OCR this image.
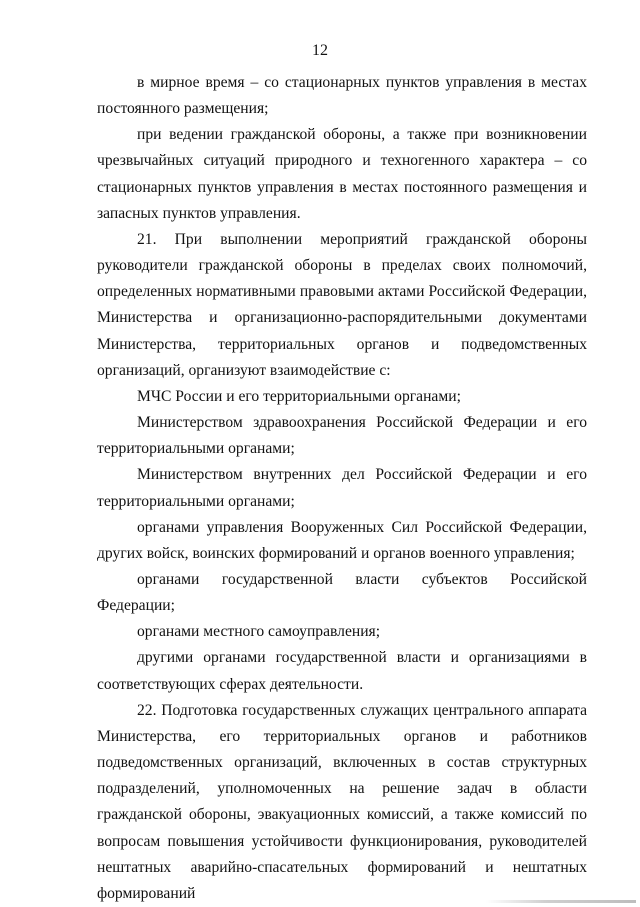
12

в мирное время – со стационарных пунктов управления в местах постоянного размещения;

при ведении гражданской обороны, а также при возникновении чрезвычайных ситуаций природного и техногенного характера – со стационарных пунктов управления в местах постоянного размещения и запасных пунктов управления.

21. При выполнении мероприятий гражданской обороны руководители гражданской обороны в пределах своих полномочий, определенных нормативными правовыми актами Российской Федерации, Министерства и организационно-распорядительными документами Министерства, территориальных органов и подведомственных организаций, организуют взаимодействие с:

МЧС России и его территориальными органами;

Министерством здравоохранения Российской Федерации и его территориальными органами;

Министерством внутренних дел Российской Федерации и его территориальными органами;

органами управления Вооруженных Сил Российской Федерации, других войск, воинских формирований и органов военного управления;

органами государственной власти субъектов Российской Федерации;

органами местного самоуправления;

другими органами государственной власти и организациями в соответствующих сферах деятельности.

22. Подготовка государственных служащих центрального аппарата Министерства, его территориальных органов и работников подведомственных организаций, включенных в состав структурных подразделений, уполномоченных на решение задач в области гражданской обороны, эвакуационных комиссий, а также комиссий по вопросам повышения устойчивости функционирования, руководителей нештатных аварийно-спасательных формирований и нештатных формирований
